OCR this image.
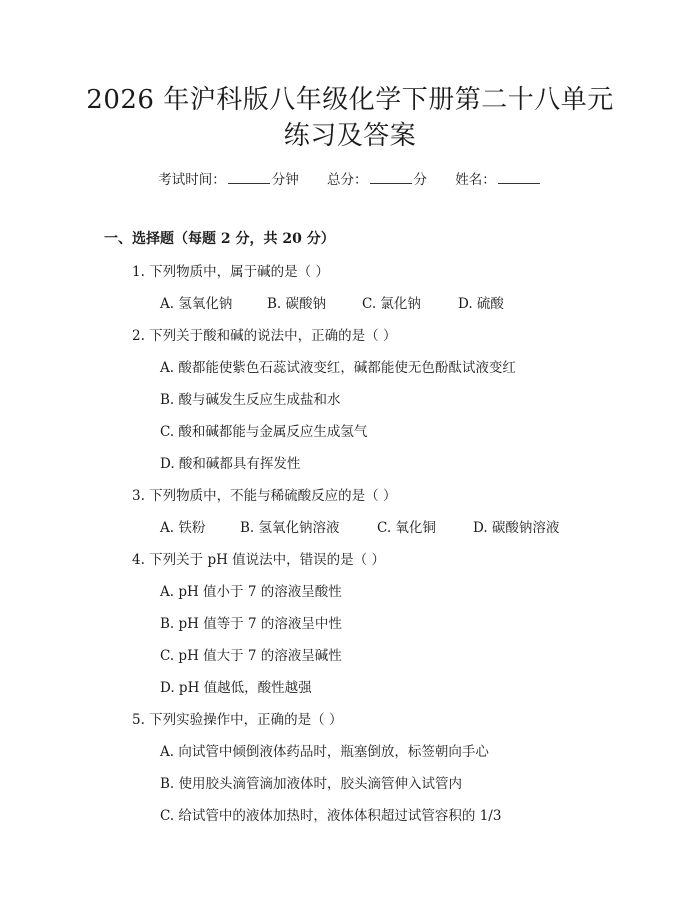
2026 年沪科版八年级化学下册第二十八单元
练习及答案
考试时间：	分钟 总分：	分 姓名：
一、选择题（每题 2 分，共 20 分）
1. 下列物质中，属于碱的是（ ）
A. 氢氧化钠	B. 碳酸钠	C. 氯化钠	D. 硫酸
2. 下列关于酸和碱的说法中，正确的是（ ）
A. 酸都能使紫色石蕊试液变红，碱都能使无色酚酞试液变红
B. 酸与碱发生反应生成盐和水
C. 酸和碱都能与金属反应生成氢气
D. 酸和碱都具有挥发性
3. 下列物质中，不能与稀硫酸反应的是（ ）
A. 铁粉	B. 氢氧化钠溶液	C. 氧化铜	D. 碳酸钠溶液
4. 下列关于 pH 值说法中，错误的是（ ）
A. pH 值小于 7 的溶液呈酸性
B. pH 值等于 7 的溶液呈中性
C. pH 值大于 7 的溶液呈碱性
D. pH 值越低，酸性越强
5. 下列实验操作中，正确的是（ ）
A. 向试管中倾倒液体药品时，瓶塞倒放，标签朝向手心
B. 使用胶头滴管滴加液体时，胶头滴管伸入试管内
C. 给试管中的液体加热时，液体体积超过试管容积的 1/3
